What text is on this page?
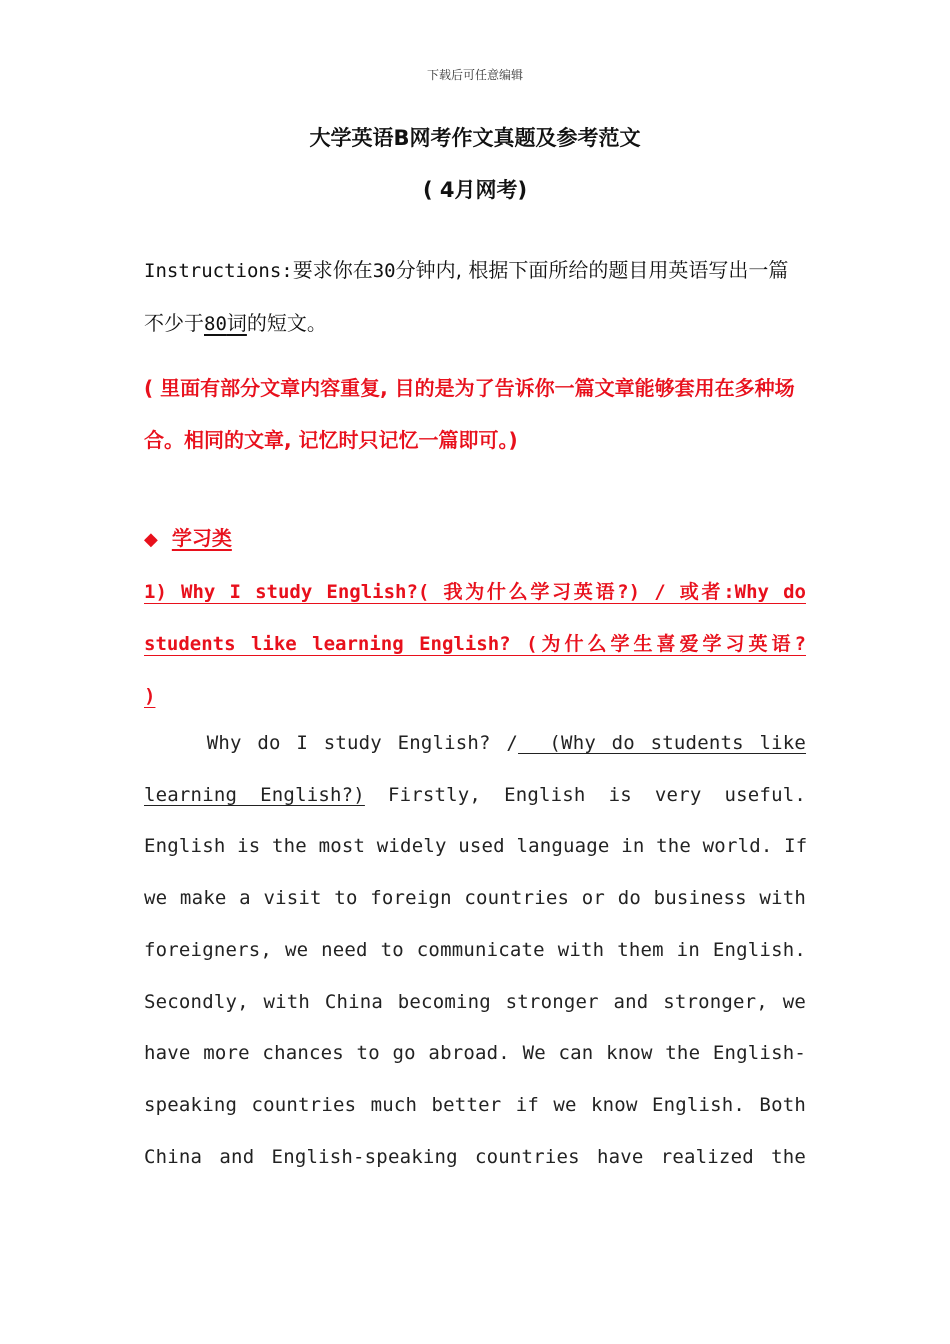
下载后可任意编辑
大学英语B网考作文真题及参考范文
( 4月网考)
Instructions:要求你在30分钟内, 根据下面所给的题目用英语写出一篇不少于80词的短文。
( 里面有部分文章内容重复, 目的是为了告诉你一篇文章能够套用在多种场合。相同的文章, 记忆时只记忆一篇即可。)
◆ 学习类
1) Why I study English?( 我为什么学习英语?) / 或者:Why do
students like learning English? (为什么学生喜爱学习英语?
)
Why do I study English? /  (Why do students like
learning English?) Firstly, English is very useful.
English is the most widely used language in the world. If
we make a visit to foreign countries or do business with
foreigners, we need to communicate with them in English.
Secondly, with China becoming stronger and stronger, we
have more chances to go abroad. We can know the English-
speaking countries much better if we know English. Both
China and English-speaking countries have realized the
